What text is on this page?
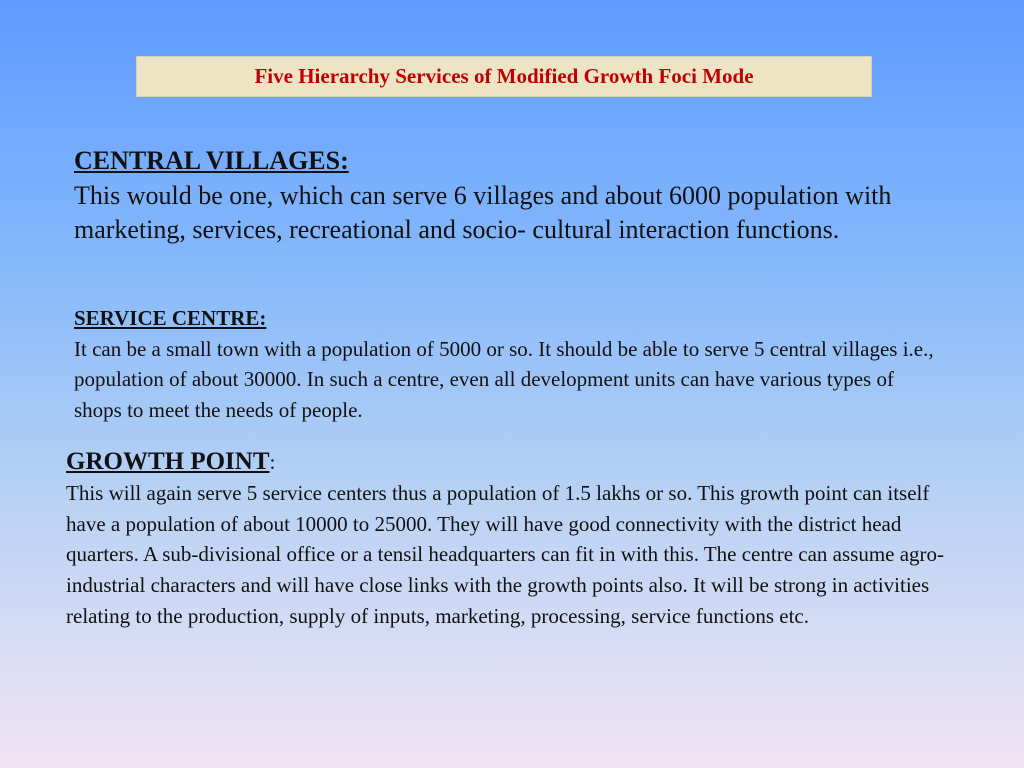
Five Hierarchy Services of Modified Growth Foci Mode
CENTRAL VILLAGES:

This would be one, which can serve 6 villages and about 6000 population with marketing, services, recreational and socio- cultural interaction functions.

SERVICE CENTRE:

It can be a small town with a population of 5000 or so. It should be able to serve 5 central villages i.e., population of about 30000. In such a centre, even all development units can have various types of shops to meet the needs of people.

GROWTH POINT:

This will again serve 5 service centers thus a population of 1.5 lakhs or so. This growth point can itself have a population of about 10000 to 25000. They will have good connectivity with the district head quarters. A sub-divisional office or a tensil headquarters can fit in with this. The centre can assume agro-industrial characters and will have close links with the growth points also. It will be strong in activities relating to the production, supply of inputs, marketing, processing, service functions etc.
